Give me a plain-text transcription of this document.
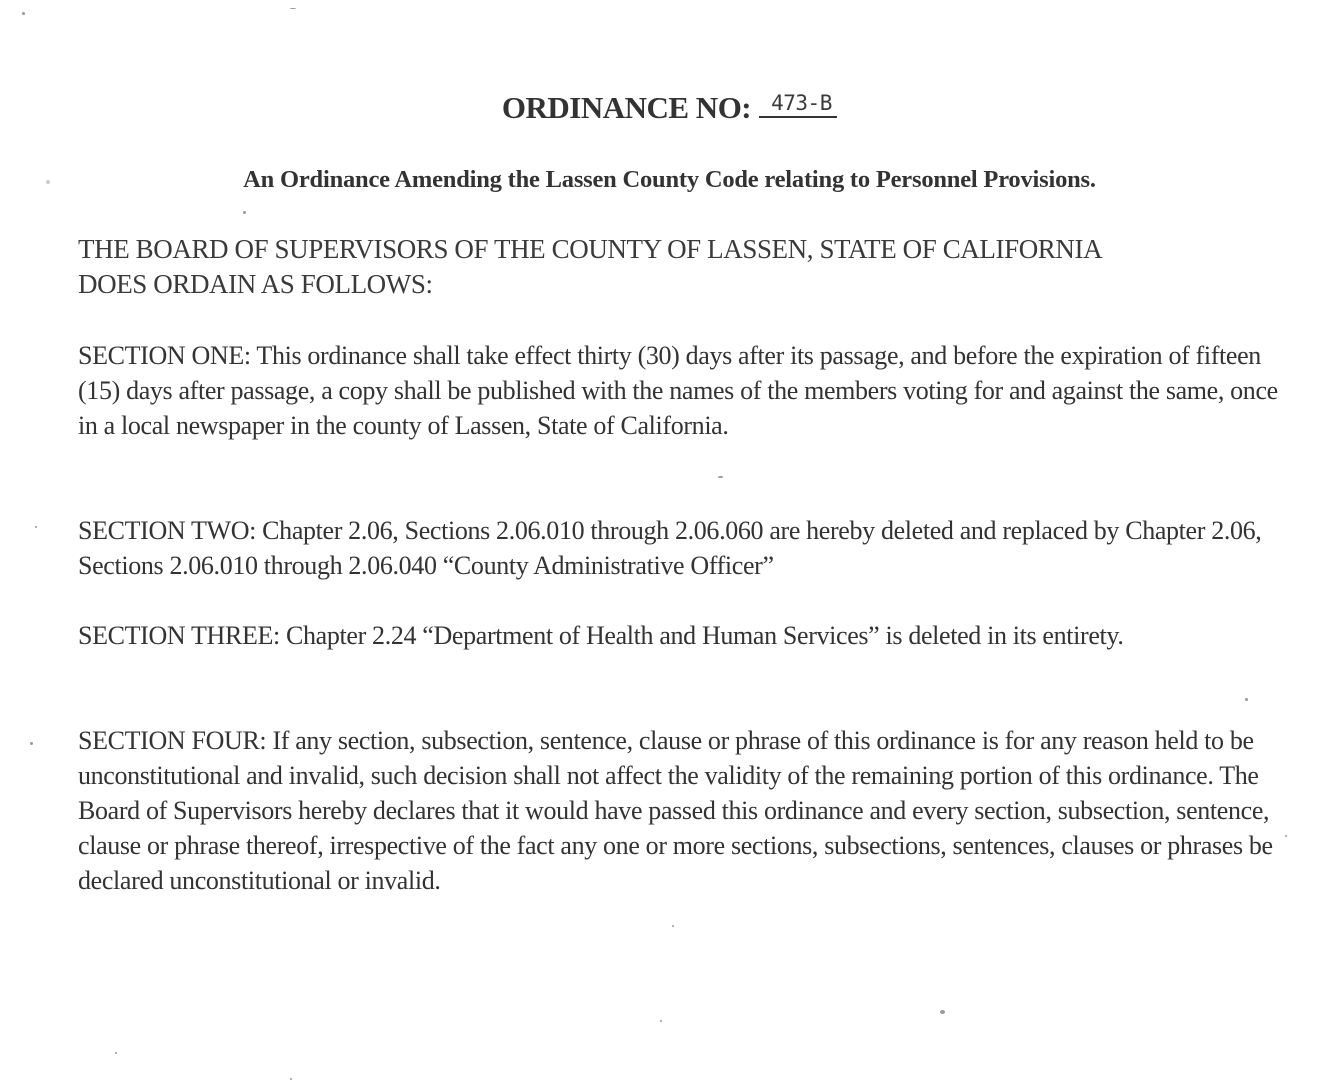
ORDINANCE NO: 473-B
An Ordinance Amending the Lassen County Code relating to Personnel Provisions.
THE BOARD OF SUPERVISORS OF THE COUNTY OF LASSEN, STATE OF CALIFORNIA DOES ORDAIN AS FOLLOWS:
SECTION ONE: This ordinance shall take effect thirty (30) days after its passage, and before the expiration of fifteen (15) days after passage, a copy shall be published with the names of the members voting for and against the same, once in a local newspaper in the county of Lassen, State of California.
SECTION TWO: Chapter 2.06, Sections 2.06.010 through 2.06.060 are hereby deleted and replaced by Chapter 2.06, Sections 2.06.010 through 2.06.040 “County Administrative Officer”
SECTION THREE: Chapter 2.24 “Department of Health and Human Services” is deleted in its entirety.
SECTION FOUR: If any section, subsection, sentence, clause or phrase of this ordinance is for any reason held to be unconstitutional and invalid, such decision shall not affect the validity of the remaining portion of this ordinance. The Board of Supervisors hereby declares that it would have passed this ordinance and every section, subsection, sentence, clause or phrase thereof, irrespective of the fact any one or more sections, subsections, sentences, clauses or phrases be declared unconstitutional or invalid.
